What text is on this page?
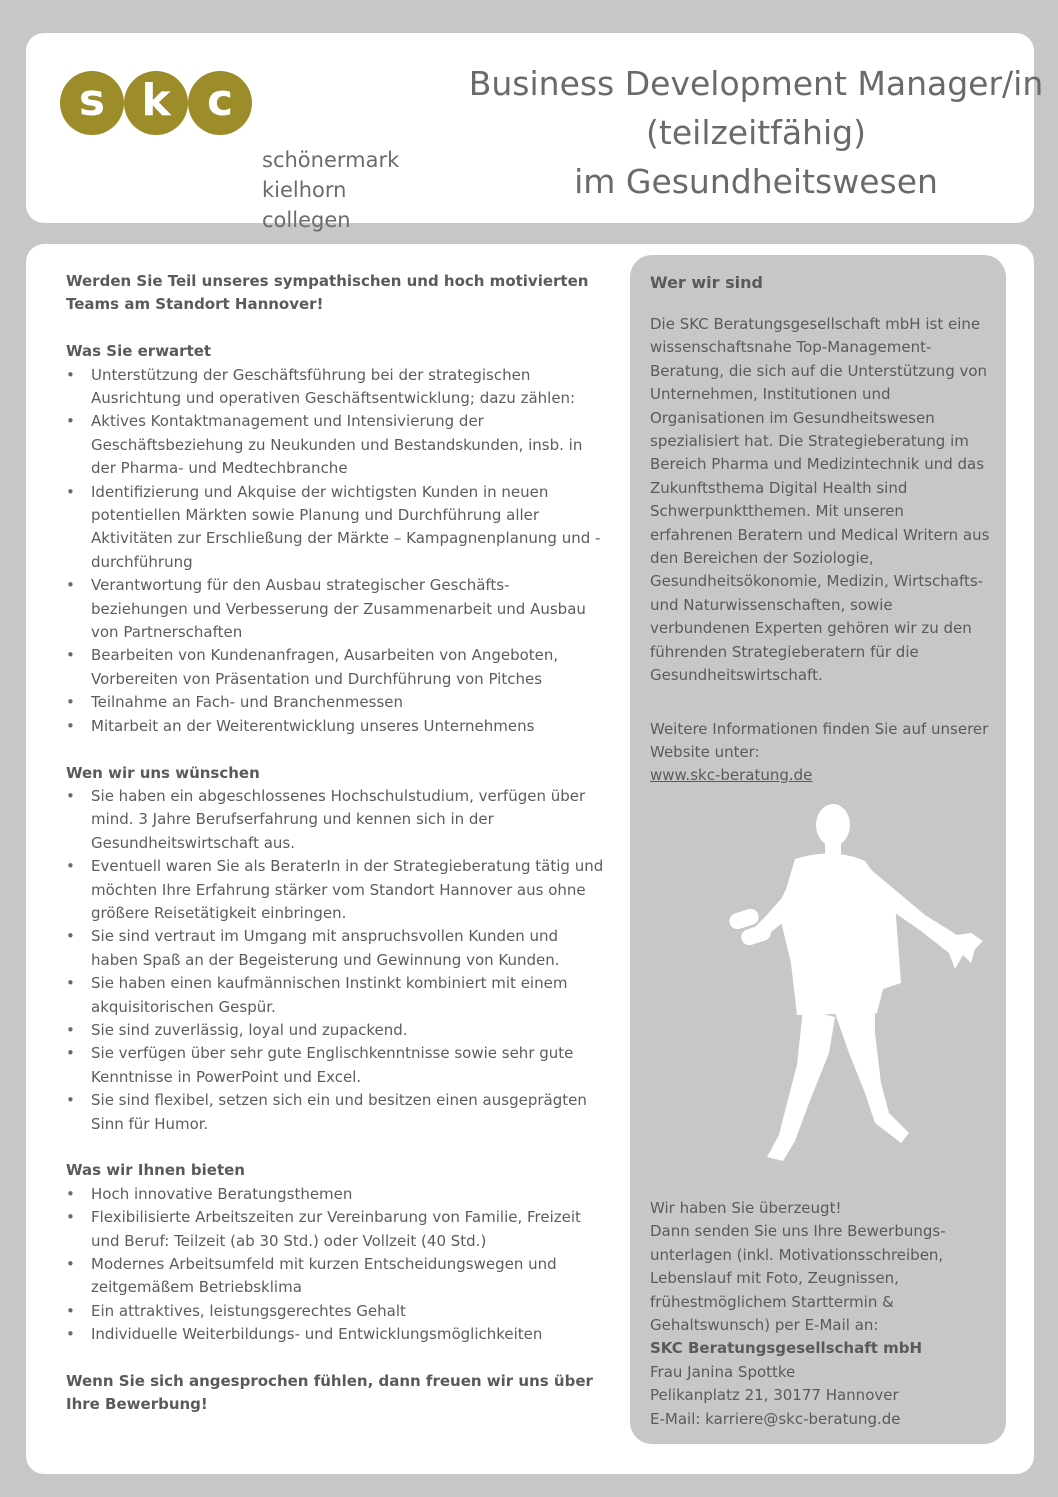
s k c
schönermark
kielhorn
collegen
Business Development Manager/in
(teilzeitfähig)
im Gesundheitswesen

Werden Sie Teil unseres sympathischen und hoch motivierten Teams am Standort Hannover!

Was Sie erwartet
• Unterstützung der Geschäftsführung bei der strategischen Ausrichtung und operativen Geschäftsentwicklung; dazu zählen:
• Aktives Kontaktmanagement und Intensivierung der Geschäftsbeziehung zu Neukunden und Bestandskunden, insb. in der Pharma- und Medtechbranche
• Identifizierung und Akquise der wichtigsten Kunden in neuen potentiellen Märkten sowie Planung und Durchführung aller Aktivitäten zur Erschließung der Märkte – Kampagnenplanung und -durchführung
• Verantwortung für den Ausbau strategischer Geschäfts-beziehungen und Verbesserung der Zusammenarbeit und Ausbau von Partnerschaften
• Bearbeiten von Kundenanfragen, Ausarbeiten von Angeboten, Vorbereiten von Präsentation und Durchführung von Pitches
• Teilnahme an Fach- und Branchenmessen
• Mitarbeit an der Weiterentwicklung unseres Unternehmens
Wen wir uns wünschen
• Sie haben ein abgeschlossenes Hochschulstudium, verfügen über mind. 3 Jahre Berufserfahrung und kennen sich in der Gesundheitswirtschaft aus.
• Eventuell waren Sie als BeraterIn in der Strategieberatung tätig und möchten Ihre Erfahrung stärker vom Standort Hannover aus ohne größere Reisetätigkeit einbringen.
• Sie sind vertraut im Umgang mit anspruchsvollen Kunden und haben Spaß an der Begeisterung und Gewinnung von Kunden.
• Sie haben einen kaufmännischen Instinkt kombiniert mit einem akquisitorischen Gespür.
• Sie sind zuverlässig, loyal und zupackend.
• Sie verfügen über sehr gute Englischkenntnisse sowie sehr gute Kenntnisse in PowerPoint und Excel.
• Sie sind flexibel, setzen sich ein und besitzen einen ausgeprägten Sinn für Humor.
Was wir Ihnen bieten
• Hoch innovative Beratungsthemen
• Flexibilisierte Arbeitszeiten zur Vereinbarung von Familie, Freizeit und Beruf: Teilzeit (ab 30 Std.) oder Vollzeit (40 Std.)
• Modernes Arbeitsumfeld mit kurzen Entscheidungswegen und zeitgemäßem Betriebsklima
• Ein attraktives, leistungsgerechtes Gehalt
• Individuelle Weiterbildungs- und Entwicklungsmöglichkeiten

Wenn Sie sich angesprochen fühlen, dann freuen wir uns über Ihre Bewerbung!

Wer wir sind

Die SKC Beratungsgesellschaft mbH ist eine wissenschaftsnahe Top-Management-Beratung, die sich auf die Unterstützung von Unternehmen, Institutionen und Organisationen im Gesundheitswesen spezialisiert hat. Die Strategieberatung im Bereich Pharma und Medizintechnik und das Zukunftsthema Digital Health sind Schwerpunktthemen. Mit unseren erfahrenen Beratern und Medical Writern aus den Bereichen der Soziologie, Gesundheitsökonomie, Medizin, Wirtschafts- und Naturwissenschaften, sowie verbundenen Experten gehören wir zu den führenden Strategieberatern für die Gesundheitswirtschaft.

Weitere Informationen finden Sie auf unserer Website unter:

www.skc-beratung.de

Wir haben Sie überzeugt!

Dann senden Sie uns Ihre Bewerbungs-unterlagen (inkl. Motivationsschreiben, Lebenslauf mit Foto, Zeugnissen, frühestmöglichem Starttermin & Gehaltswunsch) per E-Mail an:

SKC Beratungsgesellschaft mbH

Frau Janina Spottke

Pelikanplatz 21, 30177 Hannover

E-Mail: karriere@skc-beratung.de
